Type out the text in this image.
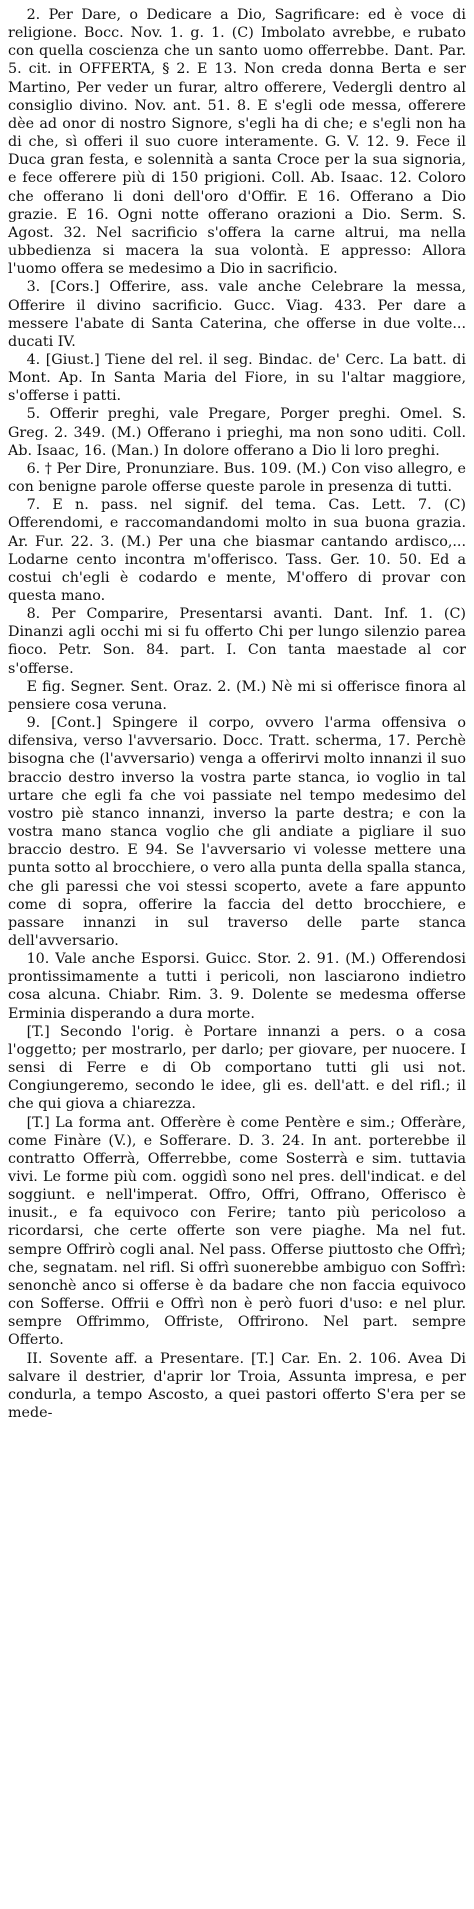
2. Per Dare, o Dedicare a Dio, Sagrificare: ed è voce di religione. Bocc. Nov. 1. g. 1. (C) Imbolato avrebbe, e rubato con quella coscienza che un santo uomo offerrebbe. Dant. Par. 5. cit. in OFFERTA, § 2. E 13. Non creda donna Berta e ser Martino, Per veder un furar, altro offerere, Vedergli dentro al consiglio divino. Nov. ant. 51. 8. E s'egli ode messa, offerere dèe ad onor di nostro Signore, s'egli ha di che; e s'egli non ha di che, sì offeri il suo cuore interamente. G. V. 12. 9. Fece il Duca gran festa, e solennità a santa Croce per la sua signoria, e fece offerere più di 150 prigioni. Coll. Ab. Isaac. 12. Coloro che offerano li doni dell'oro d'Offir. E 16. Offerano a Dio grazie. E 16. Ogni notte offerano orazioni a Dio. Serm. S. Agost. 32. Nel sacrificio s'offera la carne altrui, ma nella ubbedienza si macera la sua volontà. E appresso: Allora l'uomo offera se medesimo a Dio in sacrificio.

3. [Cors.] Offerire, ass. vale anche Celebrare la messa, Offerire il divino sacrificio. Gucc. Viag. 433. Per dare a messere l'abate di Santa Caterina, che offerse in due volte... ducati IV.

4. [Giust.] Tiene del rel. il seg. Bindac. de' Cerc. La batt. di Mont. Ap. In Santa Maria del Fiore, in su l'altar maggiore, s'offerse i patti.

5. Offerir preghi, vale Pregare, Porger preghi. Omel. S. Greg. 2. 349. (M.) Offerano i prieghi, ma non sono uditi. Coll. Ab. Isaac, 16. (Man.) In dolore offerano a Dio li loro preghi.

6. † Per Dire, Pronunziare. Bus. 109. (M.) Con viso allegro, e con benigne parole offerse queste parole in presenza di tutti.

7. E n. pass. nel signif. del tema. Cas. Lett. 7. (C) Offerendomi, e raccomandandomi molto in sua buona grazia. Ar. Fur. 22. 3. (M.) Per una che biasmar cantando ardisco,... Lodarne cento incontra m'offerisco. Tass. Ger. 10. 50. Ed a costui ch'egli è codardo e mente, M'offero di provar con questa mano.

8. Per Comparire, Presentarsi avanti. Dant. Inf. 1. (C) Dinanzi agli occhi mi si fu offerto Chi per lungo silenzio parea fioco. Petr. Son. 84. part. I. Con tanta maestade al cor s'offerse.

E fig. Segner. Sent. Oraz. 2. (M.) Nè mi si offerisce finora al pensiere cosa veruna.

9. [Cont.] Spingere il corpo, ovvero l'arma offensiva o difensiva, verso l'avversario. Docc. Tratt. scherma, 17. Perchè bisogna che (l'avversario) venga a offerirvi molto innanzi il suo braccio destro inverso la vostra parte stanca, io voglio in tal urtare che egli fa che voi passiate nel tempo medesimo del vostro piè stanco innanzi, inverso la parte destra; e con la vostra mano stanca voglio che gli andiate a pigliare il suo braccio destro. E 94. Se l'avversario vi volesse mettere una punta sotto al brocchiere, o vero alla punta della spalla stanca, che gli paressi che voi stessi scoperto, avete a fare appunto come di sopra, offerire la faccia del detto brocchiere, e passare innanzi in sul traverso delle parte stanca dell'avversario.

10. Vale anche Esporsi. Guicc. Stor. 2. 91. (M.) Offerendosi prontissimamente a tutti i pericoli, non lasciarono indietro cosa alcuna. Chiabr. Rim. 3. 9. Dolente se medesma offerse Erminia disperando a dura morte.

[T.] Secondo l'orig. è Portare innanzi a pers. o a cosa l'oggetto; per mostrarlo, per darlo; per giovare, per nuocere. I sensi di Ferre e di Ob comportano tutti gli usi not. Congiungeremo, secondo le idee, gli es. dell'att. e del rifl.; il che qui giova a chiarezza.

[T.] La forma ant. Offerère è come Pentère e sim.; Offeràre, come Finàre (V.), e Sofferare. D. 3. 24. In ant. porterebbe il contratto Offerrà, Offerrebbe, come Sosterrà e sim. tuttavia vivi. Le forme più com. oggidì sono nel pres. dell'indicat. e del soggiunt. e nell'imperat. Offro, Offri, Offrano, Offerisco è inusit., e fa equivoco con Ferire; tanto più pericoloso a ricordarsi, che certe offerte son vere piaghe. Ma nel fut. sempre Offrirò cogli anal. Nel pass. Offerse piuttosto che Offrì; che, segnatam. nel rifl. Si offrì suonerebbe ambiguo con Soffrì: senonchè anco si offerse è da badare che non faccia equivoco con Sofferse. Offrii e Offrì non è però fuori d'uso: e nel plur. sempre Offrimmo, Offriste, Offrirono. Nel part. sempre Offerto.

II. Sovente aff. a Presentare. [T.] Car. En. 2. 106. Avea Di salvare il destrier, d'aprir lor Troia, Assunta impresa, e per condurla, a tempo Ascosto, a quei pastori offerto S'era per se mede-
